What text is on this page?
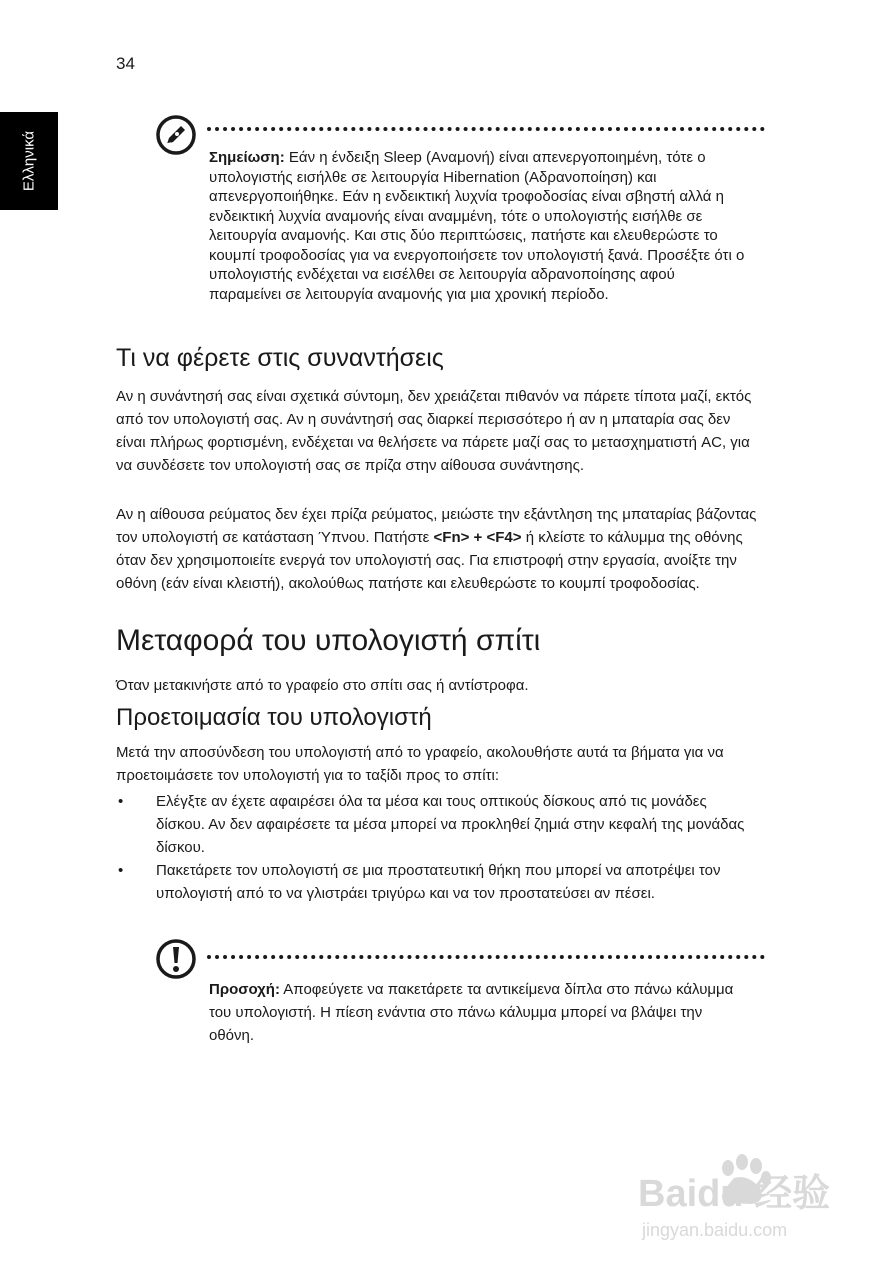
34
Ελληνικά	Σημείωση: Εάν η ένδειξη Sleep (Αναμονή) είναι απενεργοποιημένη, τότε ο υπολογιστής εισήλθε σε λειτουργία Hibernation (Αδρανοποίηση) και απενεργοποιήθηκε. Εάν η ενδεικτική λυχνία τροφοδοσίας είναι σβηστή αλλά η ενδεικτική λυχνία αναμονής είναι αναμμένη, τότε ο υπολογιστής εισήλθε σε λειτουργία αναμονής. Και στις δύο περιπτώσεις, πατήστε και ελευθερώστε το κουμπί τροφοδοσίας για να ενεργοποιήσετε τον υπολογιστή ξανά. Προσέξτε ότι ο υπολογιστής ενδέχεται να εισέλθει σε λειτουργία αδρανοποίησης αφού παραμείνει σε λειτουργία αναμονής για μια χρονική περίοδο.
Τι να φέρετε στις συναντήσεις

Αν η συνάντησή σας είναι σχετικά σύντομη, δεν χρειάζεται πιθανόν να πάρετε τίποτα μαζί, εκτός από τον υπολογιστή σας. Αν η συνάντησή σας διαρκεί περισσότερο ή αν η μπαταρία σας δεν είναι πλήρως φορτισμένη, ενδέχεται να θελήσετε να πάρετε μαζί σας το μετασχηματιστή AC, για να συνδέσετε τον υπολογιστή σας σε πρίζα στην αίθουσα συνάντησης.

Αν η αίθουσα ρεύματος δεν έχει πρίζα ρεύματος, μειώστε την εξάντληση της μπαταρίας βάζοντας τον υπολογιστή σε κατάσταση Ύπνου. Πατήστε <Fn> + <F4> ή κλείστε το κάλυμμα της οθόνης όταν δεν χρησιμοποιείτε ενεργά τον υπολογιστή σας. Για επιστροφή στην εργασία, ανοίξτε την οθόνη (εάν είναι κλειστή), ακολούθως πατήστε και ελευθερώστε το κουμπί τροφοδοσίας.

Μεταφορά του υπολογιστή σπίτι

Όταν μετακινήστε από το γραφείο στο σπίτι σας ή αντίστροφα.

Προετοιμασία του υπολογιστή

Μετά την αποσύνδεση του υπολογιστή από το γραφείο, ακολουθήστε αυτά τα βήματα για να προετοιμάσετε τον υπολογιστή για το ταξίδι προς το σπίτι:

• Ελέγξτε αν έχετε αφαιρέσει όλα τα μέσα και τους οπτικούς δίσκους από τις μονάδες δίσκου. Αν δεν αφαιρέσετε τα μέσα μπορεί να προκληθεί ζημιά στην κεφαλή της μονάδας δίσκου.
• Πακετάρετε τον υπολογιστή σε μια προστατευτική θήκη που μπορεί να αποτρέψει τον υπολογιστή από το να γλιστράει τριγύρω και να τον προστατεύσει αν πέσει.
Προσοχή: Αποφεύγετε να πακετάρετε τα αντικείμενα δίπλα στο πάνω κάλυμμα του υπολογιστή. Η πίεση ενάντια στο πάνω κάλυμμα μπορεί να βλάψει την οθόνη.
Baidu 经验
jingyan.baidu.com
